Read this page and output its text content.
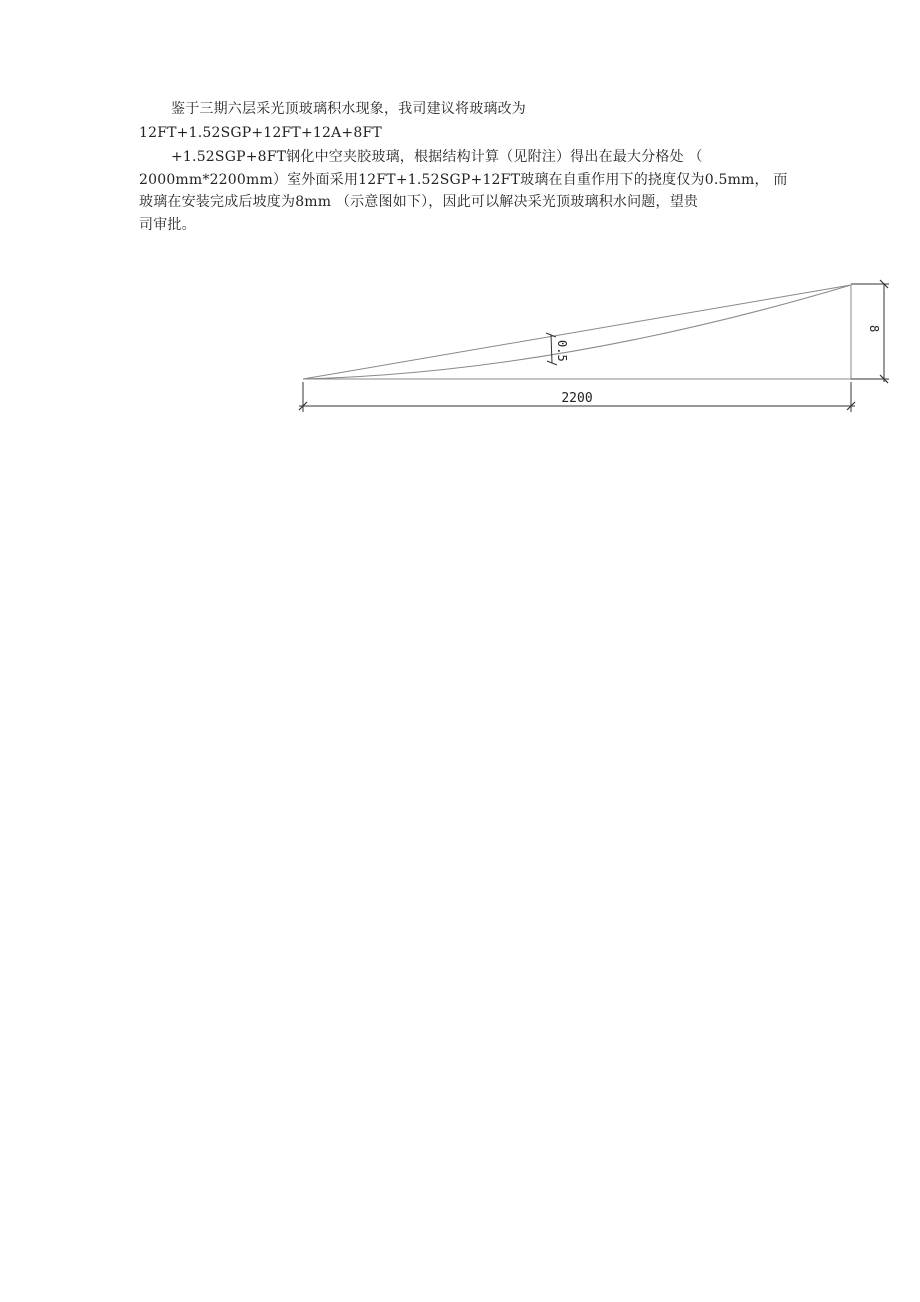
鉴于三期六层采光顶玻璃积水现象，我司建议将玻璃改为
12FT+1.52SGP+12FT+12A+8FT
+1.52SGP+8FT钢化中空夹胶玻璃，根据结构计算（见附注）得出在最大分格处 （
2000mm*2200mm）室外面采用12FT+1.52SGP+12FT玻璃在自重作用下的挠度仅为0.5mm， 而
玻璃在安装完成后坡度为8mm （示意图如下），因此可以解决采光顶玻璃积水问题，望贵
司审批。
0.5
8
2200
